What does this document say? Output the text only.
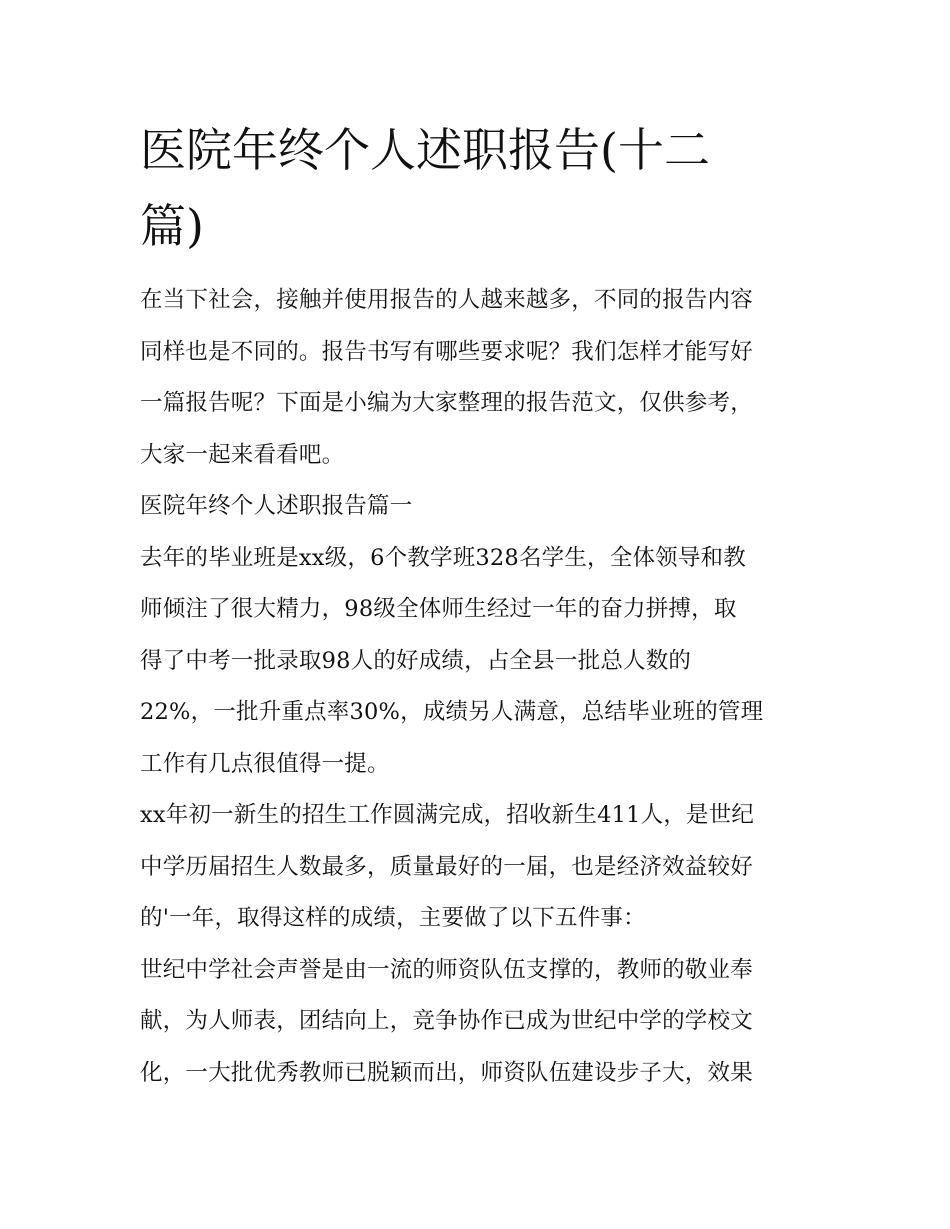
医院年终个人述职报告(十二
篇)
在当下社会，接触并使用报告的人越来越多，不同的报告内容
同样也是不同的。报告书写有哪些要求呢？我们怎样才能写好
一篇报告呢？下面是小编为大家整理的报告范文，仅供参考，
大家一起来看看吧。
医院年终个人述职报告篇一
去年的毕业班是xx级，6个教学班328名学生，全体领导和教
师倾注了很大精力，98级全体师生经过一年的奋力拼搏，取
得了中考一批录取98人的好成绩，占全县一批总人数的
22%，一批升重点率30%，成绩另人满意，总结毕业班的管理
工作有几点很值得一提。
xx年初一新生的招生工作圆满完成，招收新生411人，是世纪
中学历届招生人数最多，质量最好的一届，也是经济效益较好
的'一年，取得这样的成绩，主要做了以下五件事：
世纪中学社会声誉是由一流的师资队伍支撑的，教师的敬业奉
献，为人师表，团结向上，竞争协作已成为世纪中学的学校文
化，一大批优秀教师已脱颖而出，师资队伍建设步子大，效果
